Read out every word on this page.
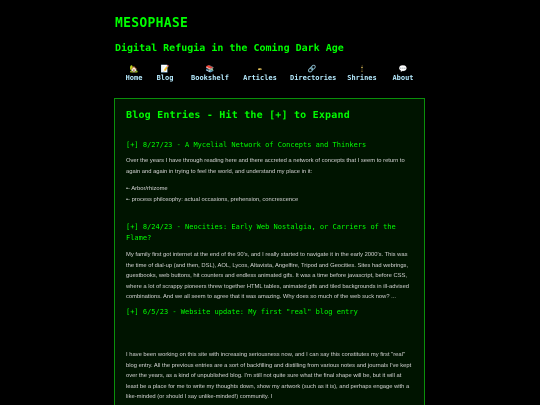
MESOPHASE
Digital Refugia in the Coming Dark Age
🏡
Home
📝
Blog
📚
Bookshelf
✒
Articles
🔗
Directories
🕯
Shrines
💬
About
Blog Entries - Hit the [+] to Expand
[+] 8/27/23 - A Mycelial Network of Concepts and Thinkers

Over the years I have through reading here and there accreted a network of concepts that I seem to return to again and again in trying to feel the world, and understand my place in it:

• - Arbor/rhizome
• - process philosophy: actual occasions, prehension, concrescence
[+] 8/24/23 - Neocities: Early Web Nostalgia, or Carriers of the Flame?

My family first got internet at the end of the 90's, and I really started to navigate it in the early 2000's. This was the time of dial-up (and then, DSL), AOL, Lycos, Altavista, Angelfire, Tripod and Geocities. Sites had webrings, guestbooks, web buttons, hit counters and endless animated gifs. It was a time before javascript, before CSS, where a lot of scrappy pioneers threw together HTML tables, animated gifs and tiled backgrounds in ill-advised combinations. And we all seem to agree that it was amazing. Why does so much of the web suck now? ...

[+] 6/5/23 - Website update: My first "real" blog entry

I have been working on this site with increasing seriousness now, and I can say this constitutes my first "real" blog entry. All the previous entries are a sort of backfilling and distilling from various notes and journals I've kept over the years, as a kind of unpublished blog. I'm still not quite sure what the final shape will be, but it will at least be a place for me to write my thoughts down, show my artwork (such as it is), and perhaps engage with a like-minded (or should I say unlike-minded!) community. I
